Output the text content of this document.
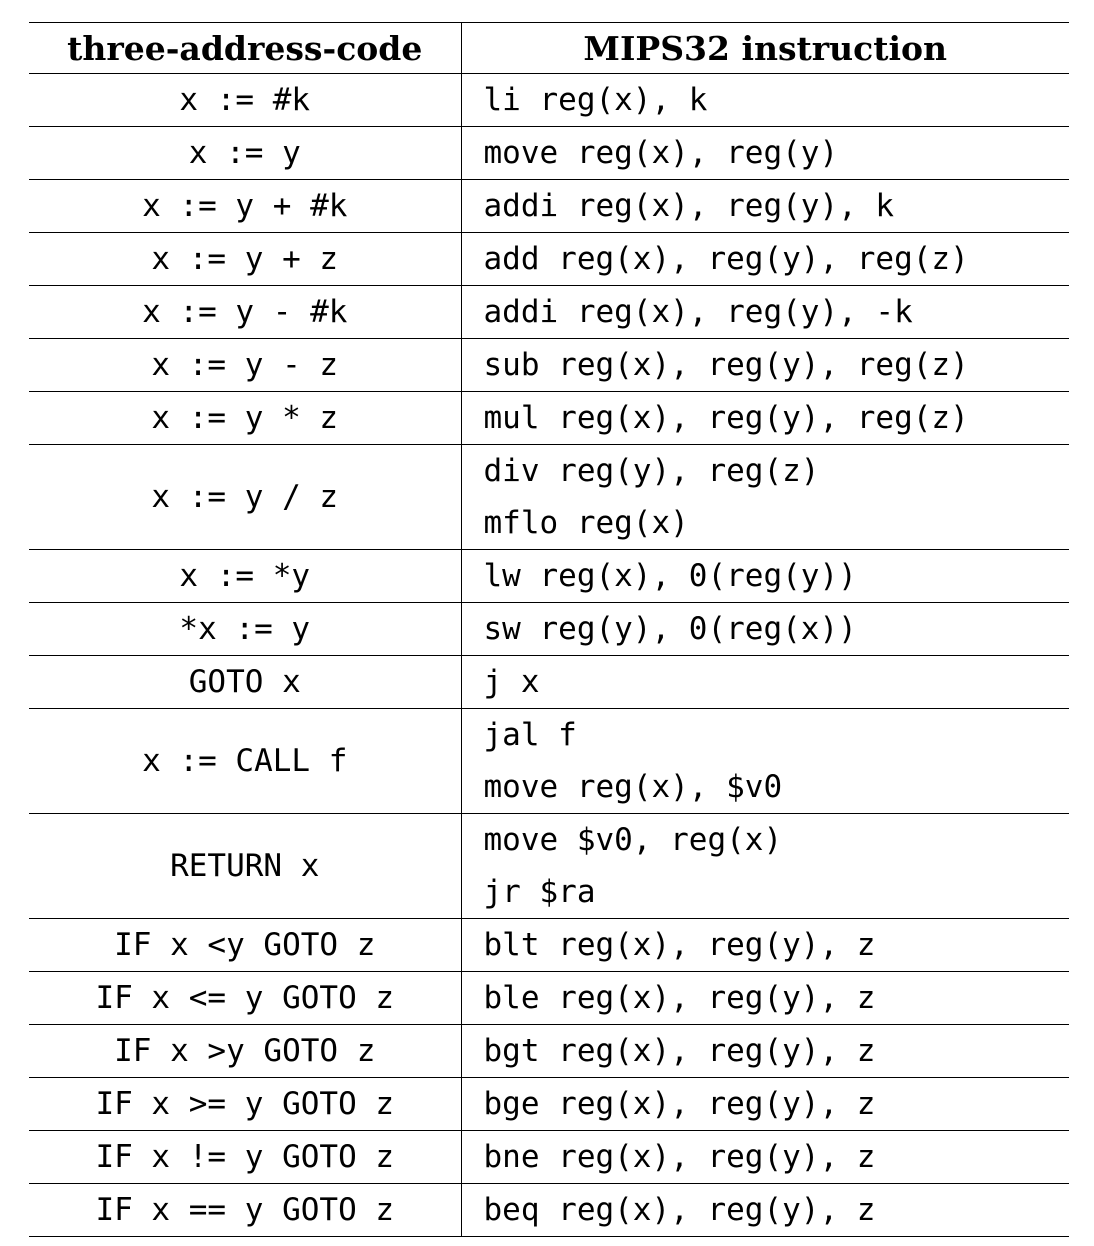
three-address-code	MIPS32 instruction
x := #k	li reg(x), k

x := y	move reg(x), reg(y)

x := y + #k	addi reg(x), reg(y), k

x := y + z	add reg(x), reg(y), reg(z)

x := y - #k	addi reg(x), reg(y), -k

x := y - z	sub reg(x), reg(y), reg(z)

x := y * z	mul reg(x), reg(y), reg(z)

x := y / z	div reg(y), reg(z)
mflo reg(x)

x := *y	lw reg(x), 0(reg(y))

*x := y	sw reg(y), 0(reg(x))

GOTO x	j x

x := CALL f	jal f
move reg(x), $v0

RETURN x	move $v0, reg(x)
jr $ra

IF x <y GOTO z	blt reg(x), reg(y), z

IF x <= y GOTO z	ble reg(x), reg(y), z

IF x >y GOTO z	bgt reg(x), reg(y), z

IF x >= y GOTO z	bge reg(x), reg(y), z

IF x != y GOTO z	bne reg(x), reg(y), z

IF x == y GOTO z	beq reg(x), reg(y), z
